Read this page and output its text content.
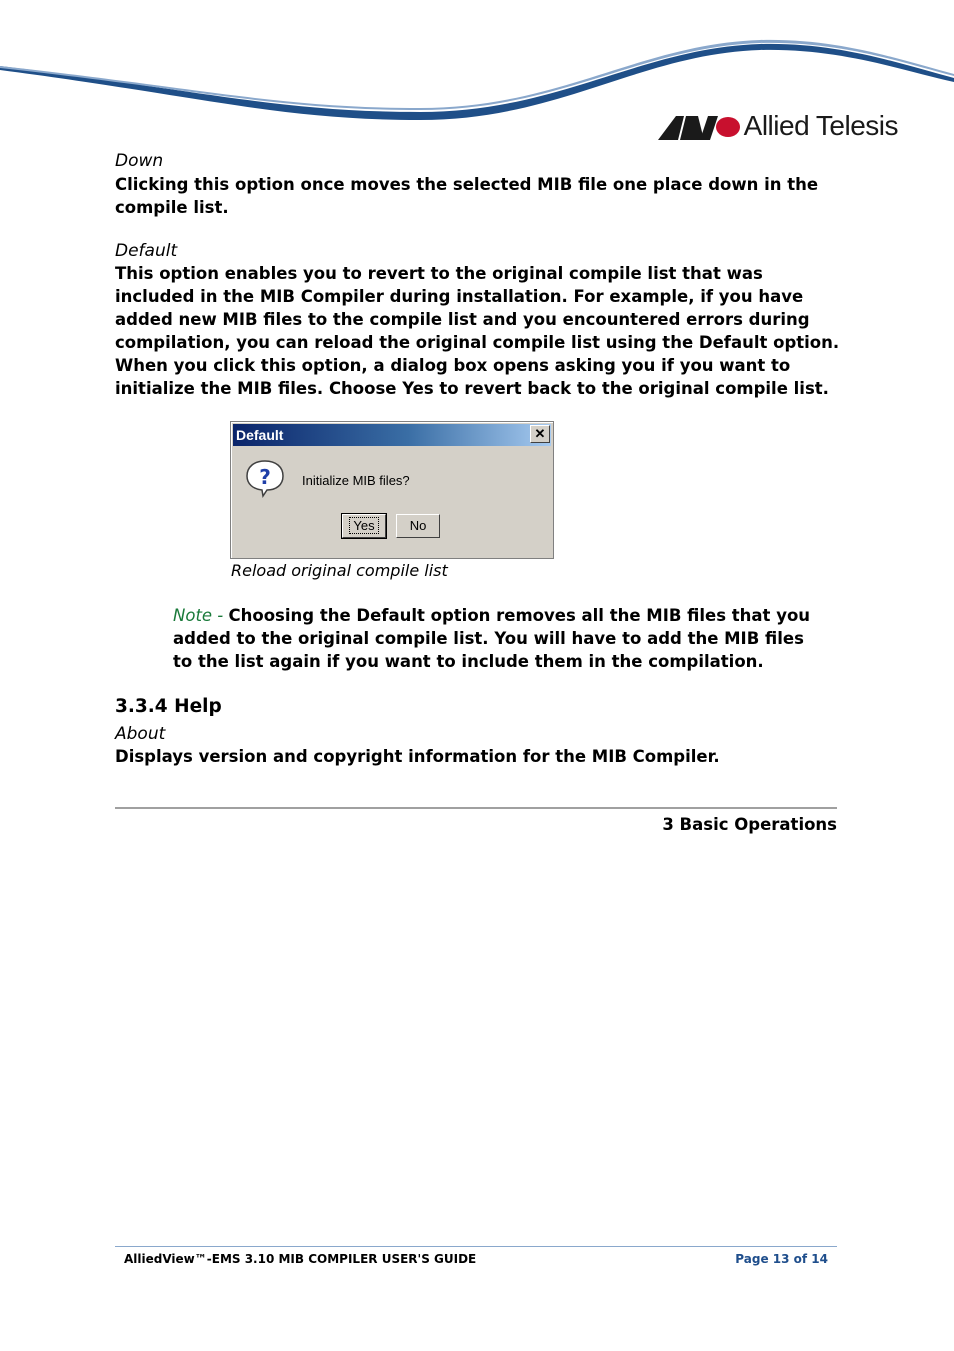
Allied Telesis
Down
Clicking this option once moves the selected MIB file one place down in the compile list.
Default
This option enables you to revert to the original compile list that was included in the MIB Compiler during installation. For example, if you have added new MIB files to the compile list and you encountered errors during compilation, you can reload the original compile list using the Default option. When you click this option, a dialog box opens asking you if you want to initialize the MIB files. Choose Yes to revert back to the original compile list.
Default	✕
? Initialize MIB files?
Yes	No
Reload original compile list
Note - Choosing the Default option removes all the MIB files that you added to the original compile list. You will have to add the MIB files to the list again if you want to include them in the compilation.
3.3.4 Help
About
Displays version and copyright information for the MIB Compiler.
3 Basic Operations
AlliedView™-EMS 3.10 MIB COMPILER USER'S GUIDE	Page 13 of 14
